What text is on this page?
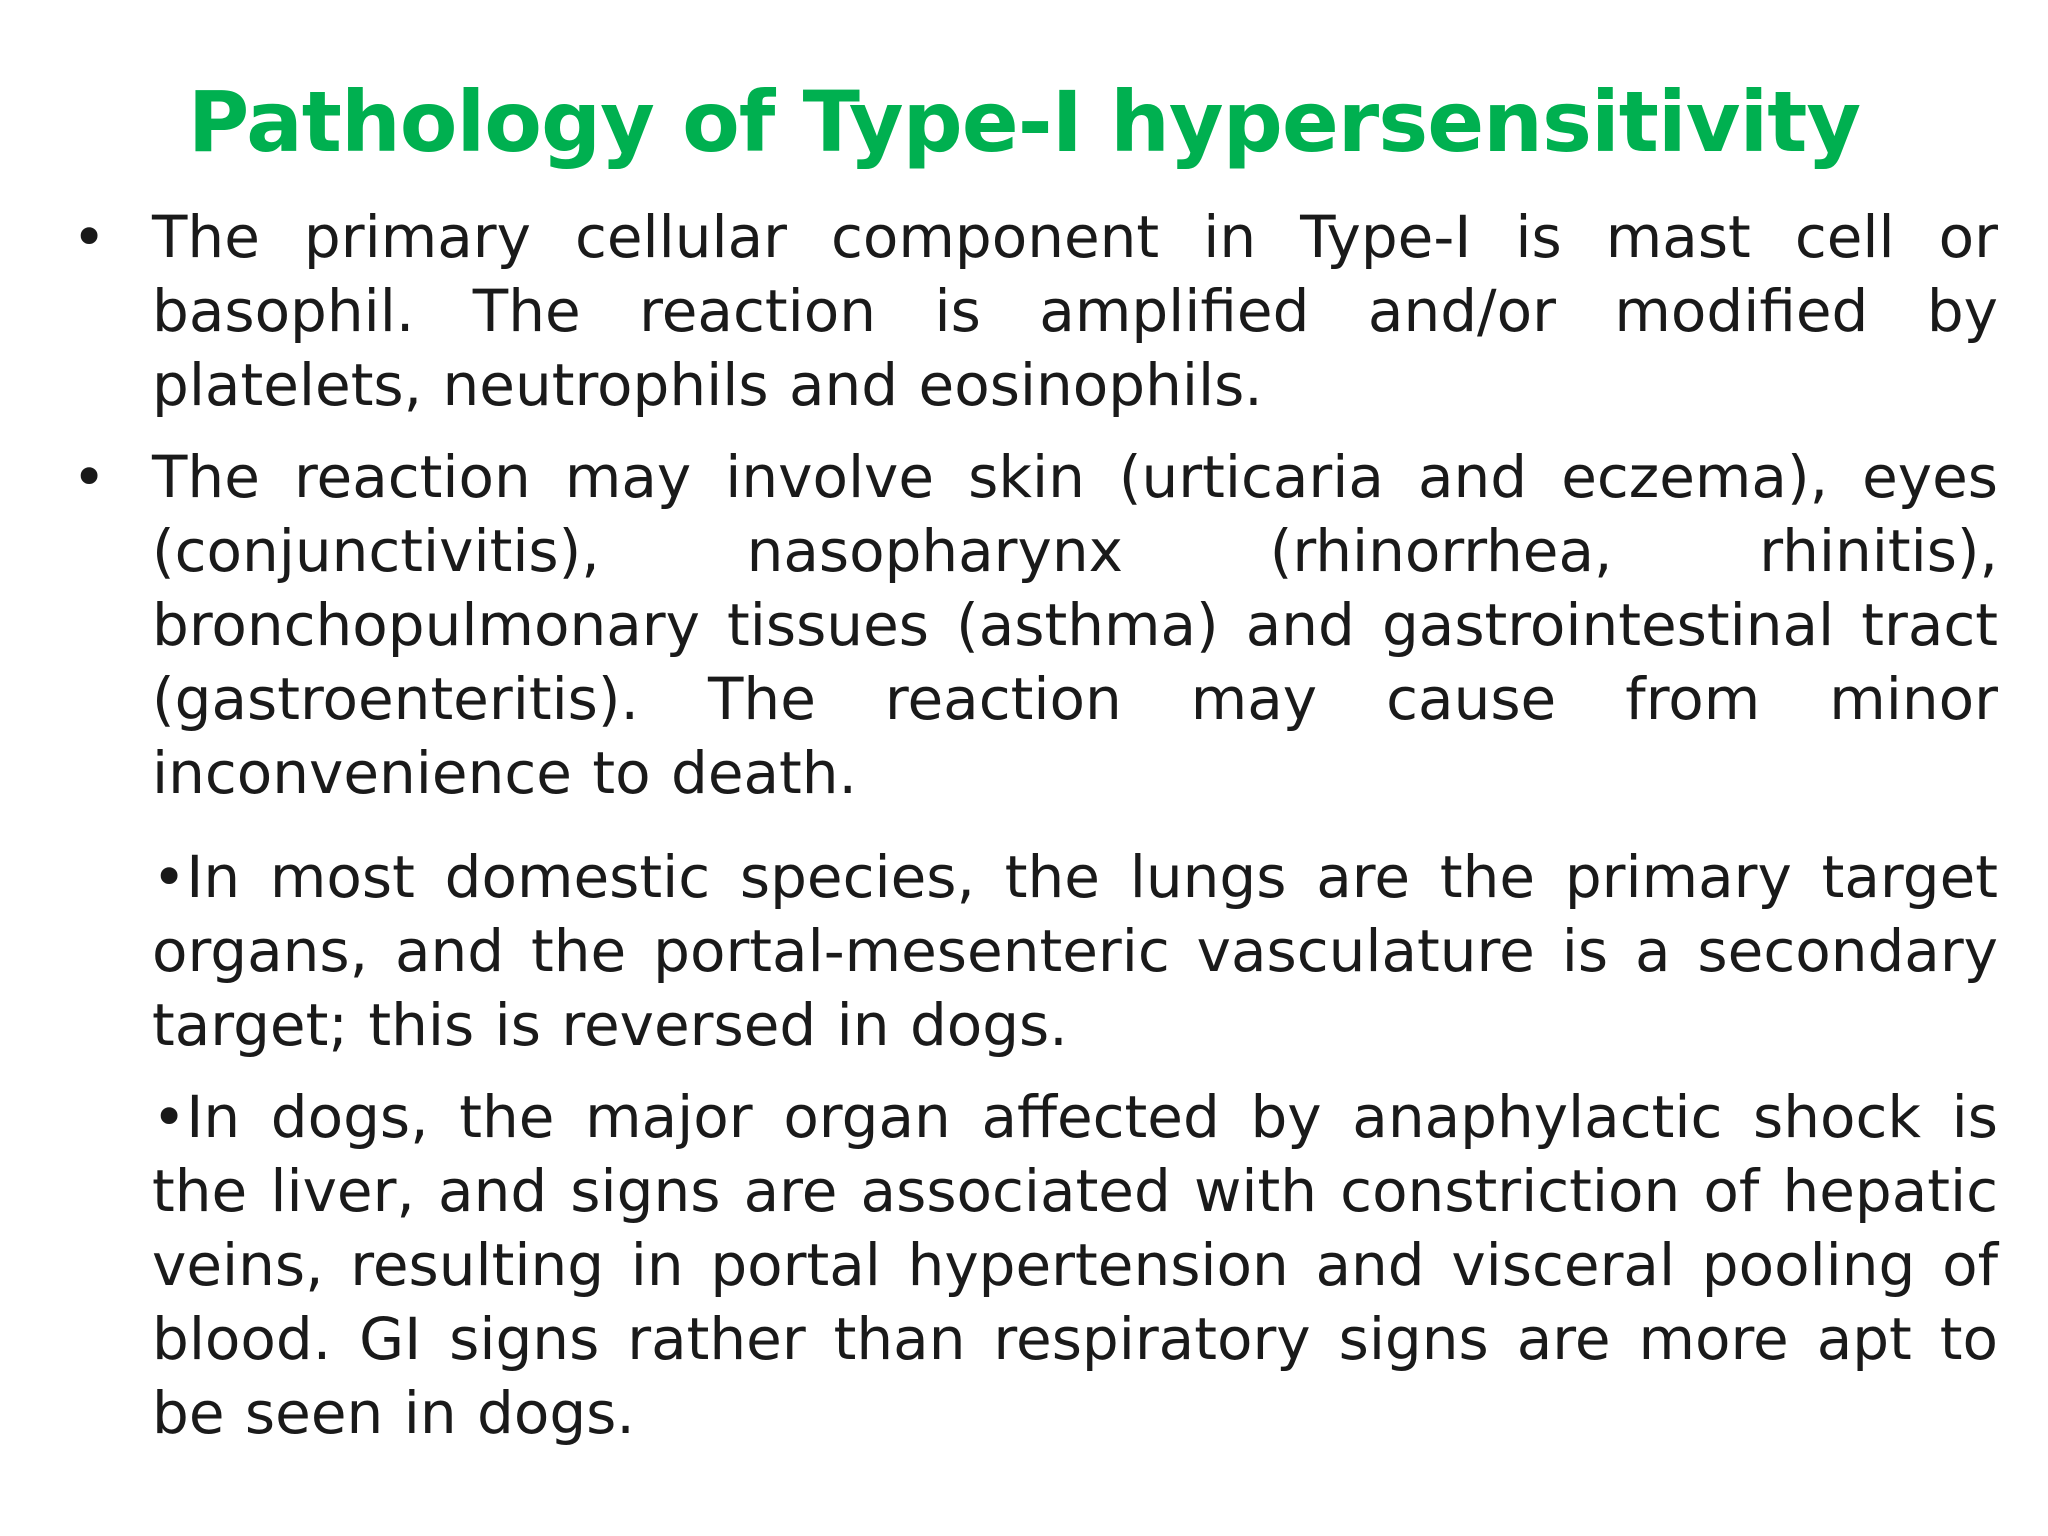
Pathology of Type-I hypersensitivity
• The primary cellular component in Type-I is mast cell or basophil. The reaction is amplified and/or modified by platelets, neutrophils and eosinophils.
• The reaction may involve skin (urticaria and eczema), eyes (conjunctivitis), nasopharynx (rhinorrhea, rhinitis), bronchopulmonary tissues (asthma) and gastrointestinal tract (gastroenteritis). The reaction may cause from minor inconvenience to death.
•In most domestic species, the lungs are the primary target organs, and the portal-mesenteric vasculature is a secondary target; this is reversed in dogs.
•In dogs, the major organ affected by anaphylactic shock is the liver, and signs are associated with constriction of hepatic veins, resulting in portal hypertension and visceral pooling of blood. GI signs rather than respiratory signs are more apt to be seen in dogs.
